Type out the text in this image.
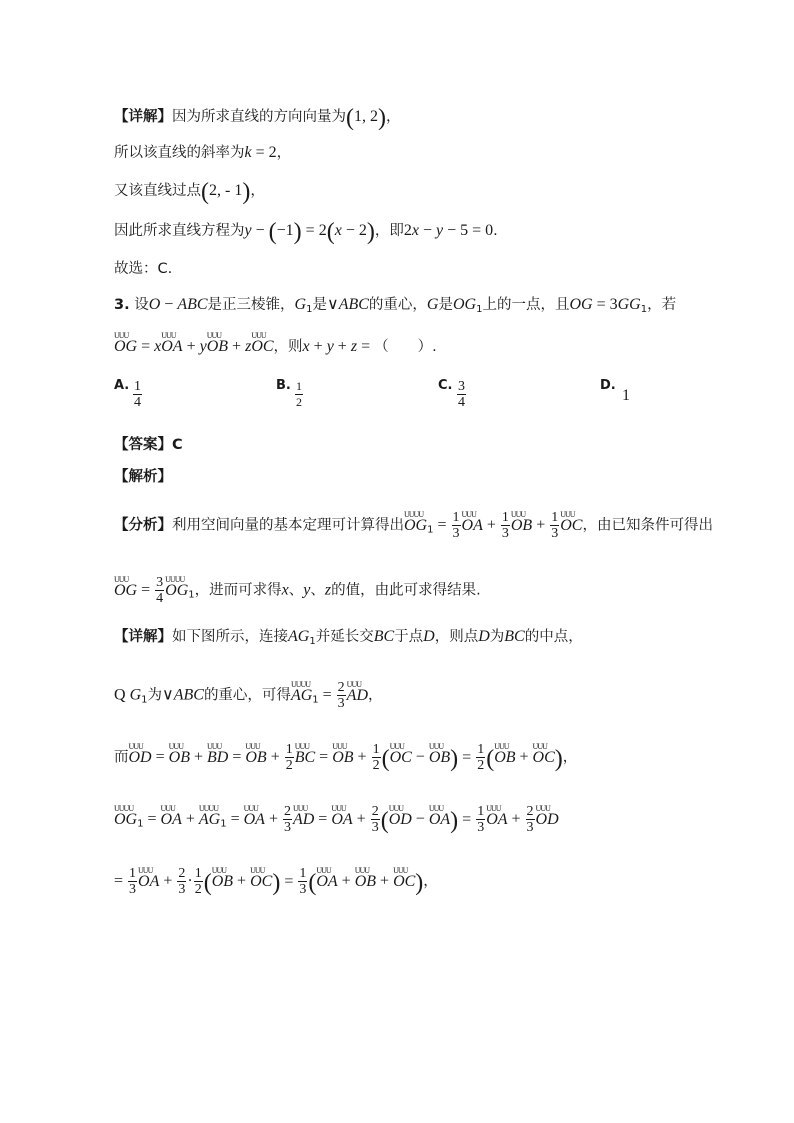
【详解】因为所求直线的方向向量为(1, 2)，
所以该直线的斜率为k = 2，
又该直线过点(2, - 1)，
因此所求直线方程为y − (−1) = 2(x − 2)，即2x − y − 5 = 0.
故选：C.
3. 设O − ABC是正三棱锥，$G_1$是∨ABC的重心，G是$OG_1$上的一点，且OG = $3GG_1$，若
UUU
OG = x
UUU
OA + y
UUU
OB + z
UUU
OC，则x + y + z = （　　）.
A. $\frac{1}{4}$	B. $\frac{1}{2}$	C. $\frac{3}{4}$	D.
1
【答案】C
【解析】
【分析】利用空间向量的基本定理可计算得出
UUUU
$OG_1 = \frac{1}{3}$ UUU
OA + $\frac{1}{3}$ UUU
OB + $\frac{1}{3}$ UUU
OC，由已知条件可得出
UUU
OG = $\frac{3}{4}$ UUUU
$OG_1$，进而可求得x、y、z的值，由此可求得结果.
【详解】如下图所示，连接$AG_1$并延长交BC于点D，则点D为BC的中点，
Q $G_1$为∨ABC的重心，可得
UUUU
$AG_1 = \frac{2}{3}$ UUU
AD，
而
UUU
OD =
UUU
OB +
UUU
BD =
UUU
OB + $\frac{1}{2}$ UUU
BC =
UUU
OB + $\frac{1}{2}$ ( UUU
OC −
UUU
$OB) = \frac{1}{2}$ ( UUU
OB +
UUU
OC)，
UUUU
$OG_1$ =
UUU
OA +
UUUU
$AG_1$ =
UUU
OA + $\frac{2}{3}$ UUU
AD =
UUU
OA + $\frac{2}{3}$ ( UUU
OD −
UUU
$OA) = \frac{1}{3}$ UUU
OA + $\frac{2}{3}$ UUU
OD
= $\frac{1}{3}$ UUU
OA + $\frac{2}{3} \cdot \frac{1}{2}$ ( UUU
OB +
UUU
$OC) = \frac{1}{3}$ ( UUU
OA +
UUU
OB +
UUU
OC)，
